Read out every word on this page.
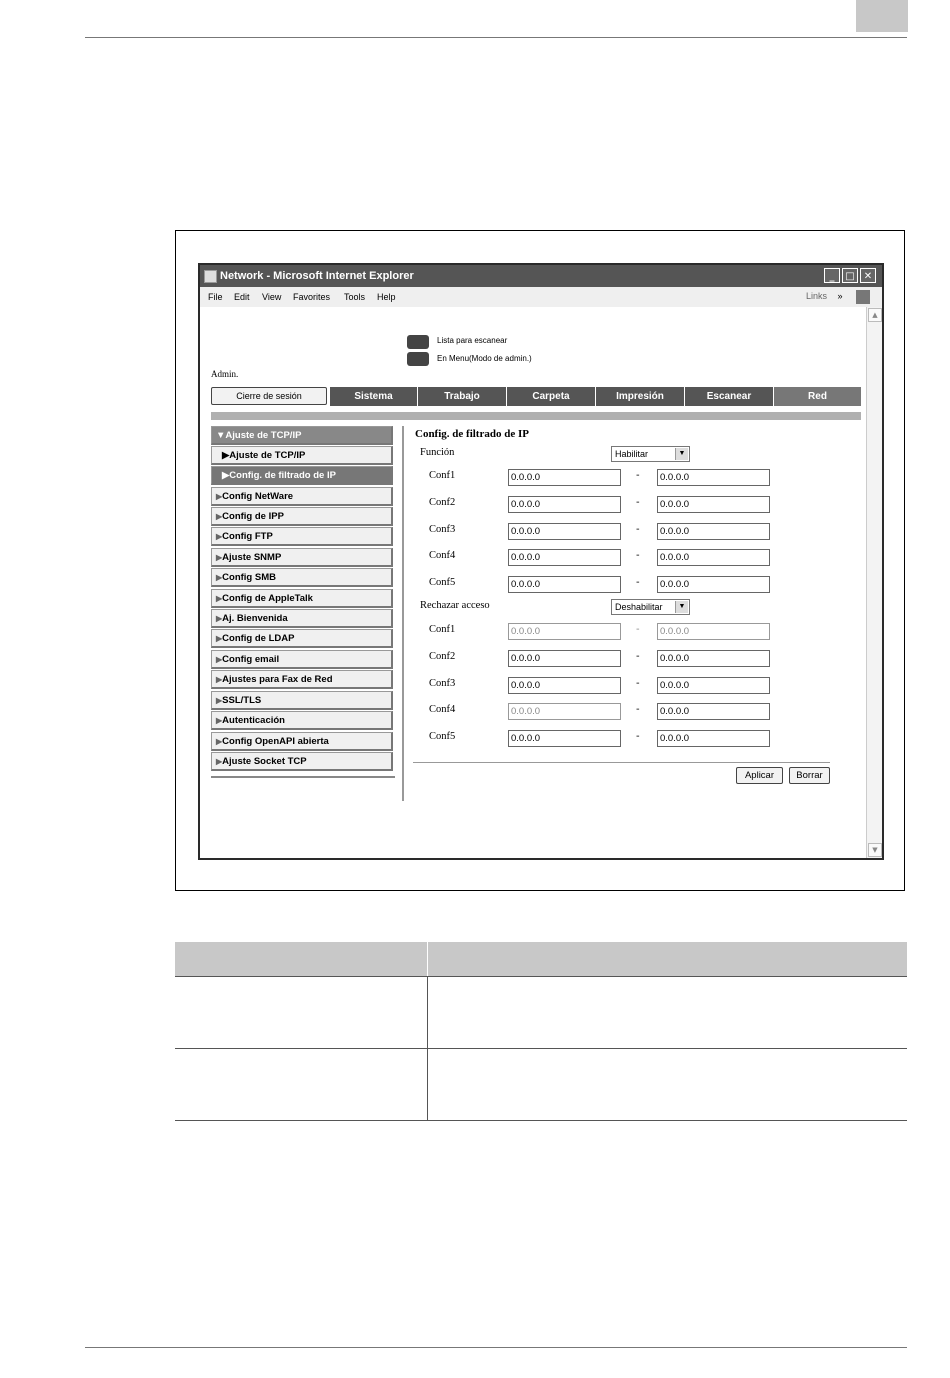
Network - Microsoft Internet Explorer	_	□ ✕
File Edit View Favorites Tools Help	Links »
Lista para escanear
En Menu(Modo de admin.)
Admin.
Cierre de sesión	Sistema	Trabajo	Carpeta	Impresión	Escanear	Red
▼Ajuste de TCP/IP
▶Ajuste de TCP/IP
▶Config. de filtrado de IP
▶Config NetWare
▶Config de IPP
▶Config FTP
▶Ajuste SNMP
▶Config SMB
▶Config de AppleTalk
▶Aj. Bienvenida
▶Config de LDAP
▶Config email
▶Ajustes para Fax de Red
▶SSL/TLS
▶Autenticación
▶Config OpenAPI abierta
▶Ajuste Socket TCP
Config. de filtrado de IP
Función	Habilitar	▼
Conf1	0.0.0.0	-	0.0.0.0
Conf2	0.0.0.0	-	0.0.0.0
Conf3	0.0.0.0	-	0.0.0.0
Conf4	0.0.0.0	-	0.0.0.0
Conf5	0.0.0.0	-	0.0.0.0
Rechazar acceso	Deshabilitar	▼
Conf1	0.0.0.0	-	0.0.0.0
Conf2	0.0.0.0	-	0.0.0.0
Conf3	0.0.0.0	-	0.0.0.0
Conf4	0.0.0.0	-	0.0.0.0
Conf5	0.0.0.0	-	0.0.0.0
Aplicar	Borrar
▲
▼
